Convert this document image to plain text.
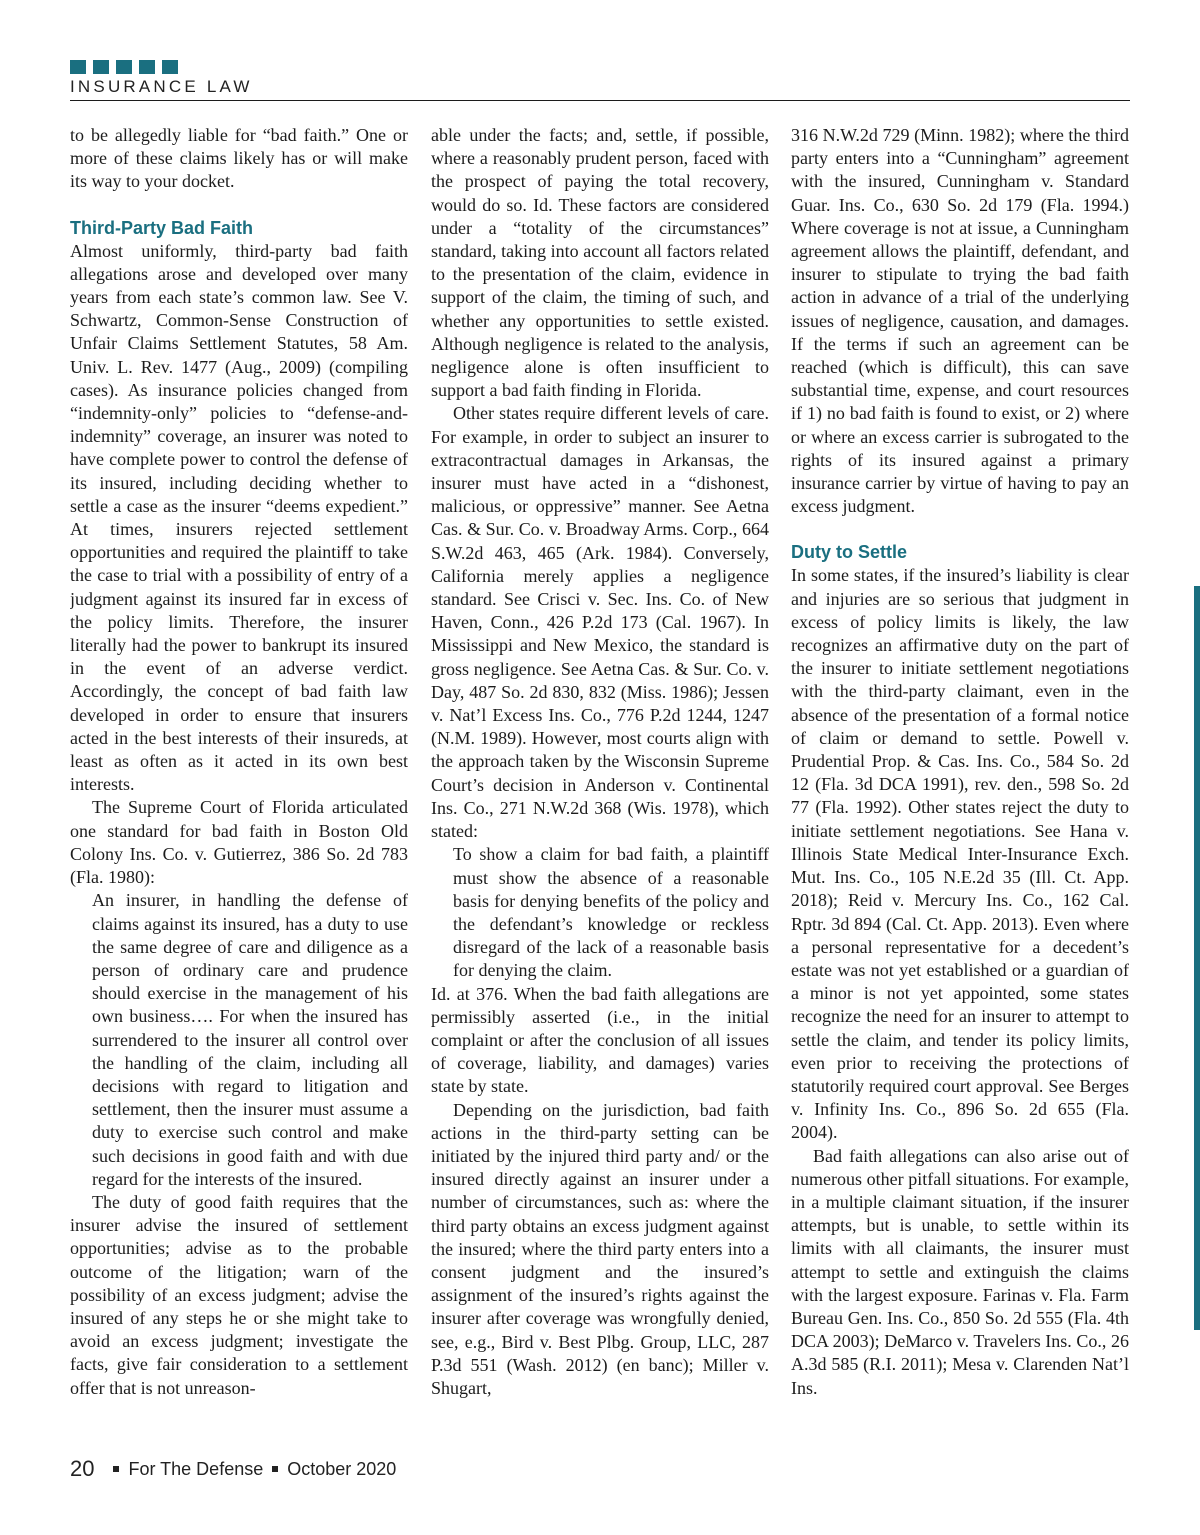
INSURANCE LAW

to be allegedly liable for “bad faith.” One or more of these claims likely has or will make its way to your docket.

Third-Party Bad Faith

Almost uniformly, third-party bad faith allegations arose and developed over many years from each state’s common law. See V. Schwartz, Common-Sense Construction of Unfair Claims Settlement Statutes, 58 Am. Univ. L. Rev. 1477 (Aug., 2009) (compiling cases). As insurance policies changed from “indemnity-only” policies to “defense-and-indemnity” coverage, an insurer was noted to have complete power to control the defense of its insured, including deciding whether to settle a case as the insurer “deems expedient.” At times, insurers rejected settlement opportunities and required the plaintiff to take the case to trial with a possibility of entry of a judgment against its insured far in excess of the policy limits. Therefore, the insurer literally had the power to bankrupt its insured in the event of an adverse verdict. Accordingly, the concept of bad faith law developed in order to ensure that insurers acted in the best interests of their insureds, at least as often as it acted in its own best interests.

The Supreme Court of Florida articulated one standard for bad faith in Boston Old Colony Ins. Co. v. Gutierrez, 386 So. 2d 783 (Fla. 1980):

An insurer, in handling the defense of claims against its insured, has a duty to use the same degree of care and diligence as a person of ordinary care and prudence should exercise in the management of his own business…. For when the insured has surrendered to the insurer all control over the handling of the claim, including all decisions with regard to litigation and settlement, then the insurer must assume a duty to exercise such control and make such decisions in good faith and with due regard for the interests of the insured.

The duty of good faith requires that the insurer advise the insured of settlement opportunities; advise as to the probable outcome of the litigation; warn of the possibility of an excess judgment; advise the insured of any steps he or she might take to avoid an excess judgment; investigate the facts, give fair consideration to a settlement offer that is not unreason-

able under the facts; and, settle, if possible, where a reasonably prudent person, faced with the prospect of paying the total recovery, would do so. Id. These factors are considered under a “totality of the circumstances” standard, taking into account all factors related to the presentation of the claim, evidence in support of the claim, the timing of such, and whether any opportunities to settle existed. Although negligence is related to the analysis, negligence alone is often insufficient to support a bad faith finding in Florida.

Other states require different levels of care. For example, in order to subject an insurer to extracontractual damages in Arkansas, the insurer must have acted in a “dishonest, malicious, or oppressive” manner. See Aetna Cas. & Sur. Co. v. Broadway Arms. Corp., 664 S.W.2d 463, 465 (Ark. 1984). Conversely, California merely applies a negligence standard. See Crisci v. Sec. Ins. Co. of New Haven, Conn., 426 P.2d 173 (Cal. 1967). In Mississippi and New Mexico, the standard is gross negligence. See Aetna Cas. & Sur. Co. v. Day, 487 So. 2d 830, 832 (Miss. 1986); Jessen v. Nat’l Excess Ins. Co., 776 P.2d 1244, 1247 (N.M. 1989). However, most courts align with the approach taken by the Wisconsin Supreme Court’s decision in Anderson v. Continental Ins. Co., 271 N.W.2d 368 (Wis. 1978), which stated:

To show a claim for bad faith, a plaintiff must show the absence of a reasonable basis for denying benefits of the policy and the defendant’s knowledge or reckless disregard of the lack of a reasonable basis for denying the claim.

Id. at 376. When the bad faith allegations are permissibly asserted (i.e., in the initial complaint or after the conclusion of all issues of coverage, liability, and damages) varies state by state.

Depending on the jurisdiction, bad faith actions in the third-party setting can be initiated by the injured third party and/ or the insured directly against an insurer under a number of circumstances, such as: where the third party obtains an excess judgment against the insured; where the third party enters into a consent judgment and the insured’s assignment of the insured’s rights against the insurer after coverage was wrongfully denied, see, e.g., Bird v. Best Plbg. Group, LLC, 287 P.3d 551 (Wash. 2012) (en banc); Miller v. Shugart,

316 N.W.2d 729 (Minn. 1982); where the third party enters into a “Cunningham” agreement with the insured, Cunningham v. Standard Guar. Ins. Co., 630 So. 2d 179 (Fla. 1994.) Where coverage is not at issue, a Cunningham agreement allows the plaintiff, defendant, and insurer to stipulate to trying the bad faith action in advance of a trial of the underlying issues of negligence, causation, and damages. If the terms if such an agreement can be reached (which is difficult), this can save substantial time, expense, and court resources if 1) no bad faith is found to exist, or 2) where or where an excess carrier is subrogated to the rights of its insured against a primary insurance carrier by virtue of having to pay an excess judgment.

Duty to Settle

In some states, if the insured’s liability is clear and injuries are so serious that judgment in excess of policy limits is likely, the law recognizes an affirmative duty on the part of the insurer to initiate settlement negotiations with the third-party claimant, even in the absence of the presentation of a formal notice of claim or demand to settle. Powell v. Prudential Prop. & Cas. Ins. Co., 584 So. 2d 12 (Fla. 3d DCA 1991), rev. den., 598 So. 2d 77 (Fla. 1992). Other states reject the duty to initiate settlement negotiations. See Hana v. Illinois State Medical Inter-Insurance Exch. Mut. Ins. Co., 105 N.E.2d 35 (Ill. Ct. App. 2018); Reid v. Mercury Ins. Co., 162 Cal. Rptr. 3d 894 (Cal. Ct. App. 2013). Even where a personal representative for a decedent’s estate was not yet established or a guardian of a minor is not yet appointed, some states recognize the need for an insurer to attempt to settle the claim, and tender its policy limits, even prior to receiving the protections of statutorily required court approval. See Berges v. Infinity Ins. Co., 896 So. 2d 655 (Fla. 2004).

Bad faith allegations can also arise out of numerous other pitfall situations. For example, in a multiple claimant situation, if the insurer attempts, but is unable, to settle within its limits with all claimants, the insurer must attempt to settle and extinguish the claims with the largest exposure. Farinas v. Fla. Farm Bureau Gen. Ins. Co., 850 So. 2d 555 (Fla. 4th DCA 2003); DeMarco v. Travelers Ins. Co., 26 A.3d 585 (R.I. 2011); Mesa v. Clarenden Nat’l Ins.

20 For The Defense October 2020
